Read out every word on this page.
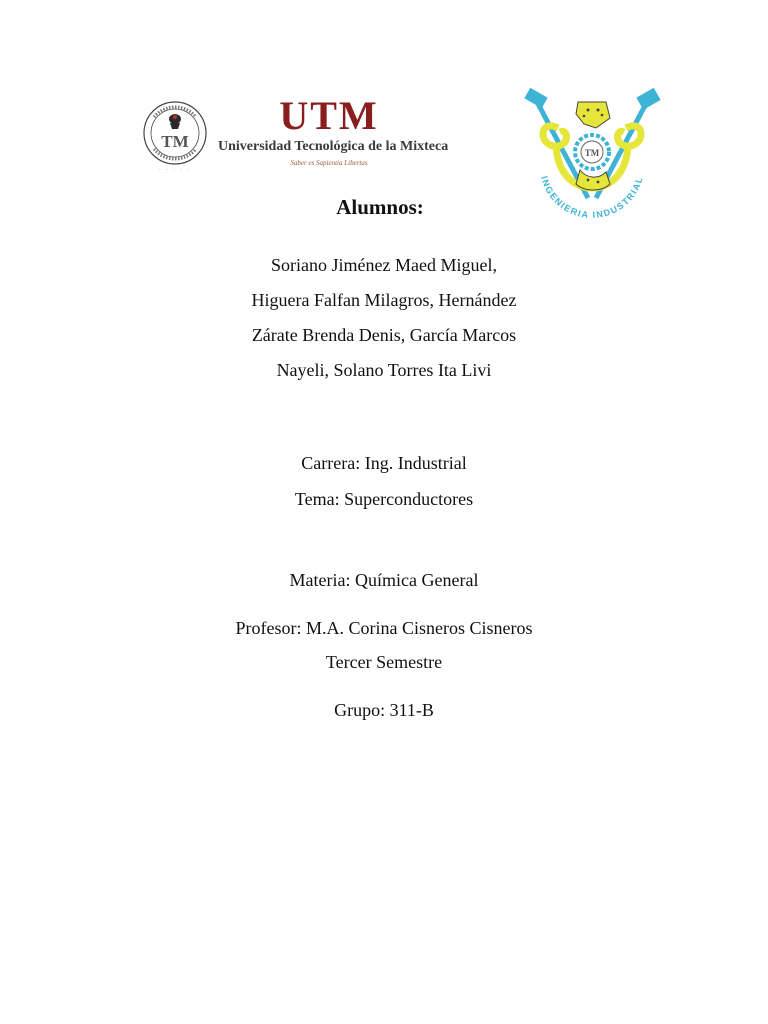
TM
· · · · ·
UTM
Universidad Tecnológica de la Mixteca
Saber es Sapientia Libertas
TM
INGENIERIA INDUSTRIAL
Alumnos:
Soriano Jiménez Maed Miguel,
Higuera Falfan Milagros, Hernández
Zárate Brenda Denis, García Marcos
Nayeli, Solano Torres Ita Livi
Carrera: Ing. Industrial
Tema: Superconductores
Materia: Química General
Profesor: M.A. Corina Cisneros Cisneros
Tercer Semestre
Grupo: 311-B
